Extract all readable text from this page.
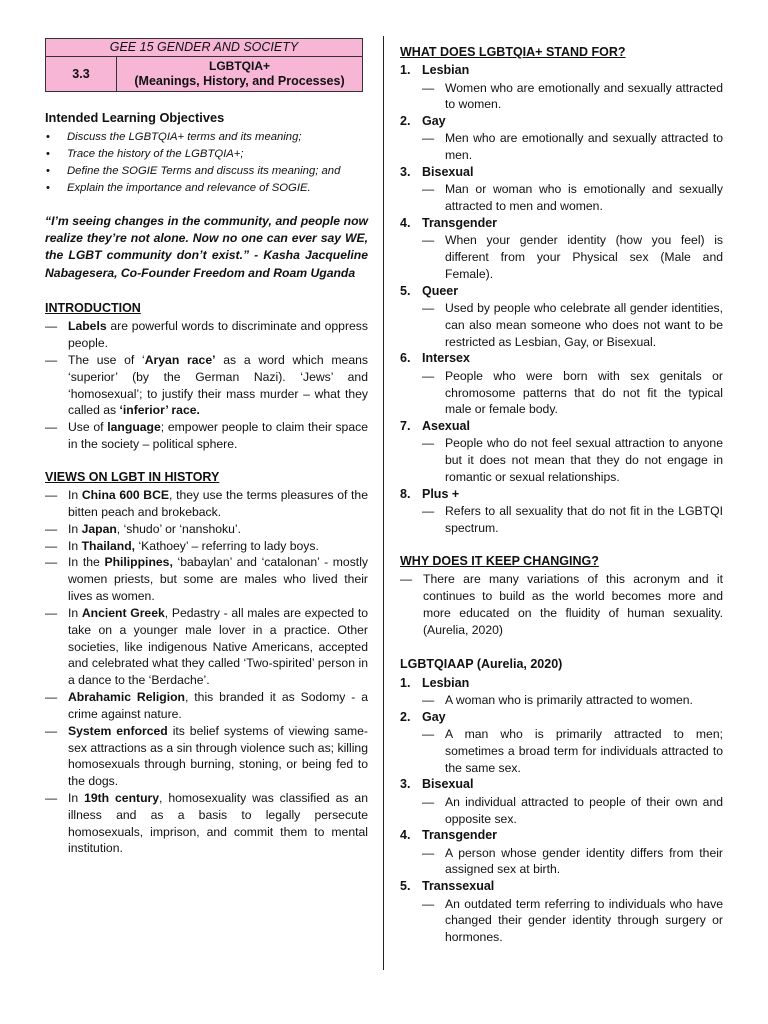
GEE 15 GENDER AND SOCIETY
3.3	
LGBTQIA+
(Meanings, History, and Processes)
Intended Learning Objectives
• Discuss the LGBTQIA+ terms and its meaning;
• Trace the history of the LGBTQIA+;
• Define the SOGIE Terms and discuss its meaning; and
• Explain the importance and relevance of SOGIE.

“I’m seeing changes in the community, and people now realize they’re not alone. Now no one can ever say WE, the LGBT community don’t exist.” - Kasha Jacqueline Nabagesera, Co-Founder Freedom and Roam Uganda

INTRODUCTION
— Labels are powerful words to discriminate and oppress people.
— The use of ‘Aryan race’ as a word which means ‘superior’ (by the German Nazi). ‘Jews’ and ‘homosexual’; to justify their mass murder – what they called as ‘inferior’ race.
— Use of language; empower people to claim their space in the society – political sphere.
VIEWS ON LGBT IN HISTORY
— In China 600 BCE, they use the terms pleasures of the bitten peach and brokeback.
— In Japan, ‘shudo’ or ‘nanshoku’.
— In Thailand, ‘Kathoey’ – referring to lady boys.
— In the Philippines, ‘babaylan’ and ‘catalonan’ - mostly women priests, but some are males who lived their lives as women.
— In Ancient Greek, Pedastry - all males are expected to take on a younger male lover in a practice. Other societies, like indigenous Native Americans, accepted and celebrated what they called ‘Two-spirited’ person in a dance to the ‘Berdache’.
— Abrahamic Religion, this branded it as Sodomy - a crime against nature.
— System enforced its belief systems of viewing same-sex attractions as a sin through violence such as; killing homosexuals through burning, stoning, or being fed to the dogs.
— In 19th century, homosexuality was classified as an illness and as a basis to legally persecute homosexuals, imprison, and commit them to mental institution.
WHAT DOES LGBTQIA+ STAND FOR?
1. Lesbian
— Women who are emotionally and sexually attracted to women.
2. Gay
— Men who are emotionally and sexually attracted to men.
3. Bisexual
— Man or woman who is emotionally and sexually attracted to men and women.
4. Transgender
— When your gender identity (how you feel) is different from your Physical sex (Male and Female).
5. Queer
— Used by people who celebrate all gender identities, can also mean someone who does not want to be restricted as Lesbian, Gay, or Bisexual.
6. Intersex
— People who were born with sex genitals or chromosome patterns that do not fit the typical male or female body.
7. Asexual
— People who do not feel sexual attraction to anyone but it does not mean that they do not engage in romantic or sexual relationships.
8. Plus +
— Refers to all sexuality that do not fit in the LGBTQI spectrum.
WHY DOES IT KEEP CHANGING?
— There are many variations of this acronym and it continues to build as the world becomes more and more educated on the fluidity of human sexuality. (Aurelia, 2020)
LGBTQIAAP (Aurelia, 2020)
1. Lesbian
— A woman who is primarily attracted to women.
2. Gay
— A man who is primarily attracted to men; sometimes a broad term for individuals attracted to the same sex.
3. Bisexual
— An individual attracted to people of their own and opposite sex.
4. Transgender
— A person whose gender identity differs from their assigned sex at birth.
5. Transsexual
— An outdated term referring to individuals who have changed their gender identity through surgery or hormones.
